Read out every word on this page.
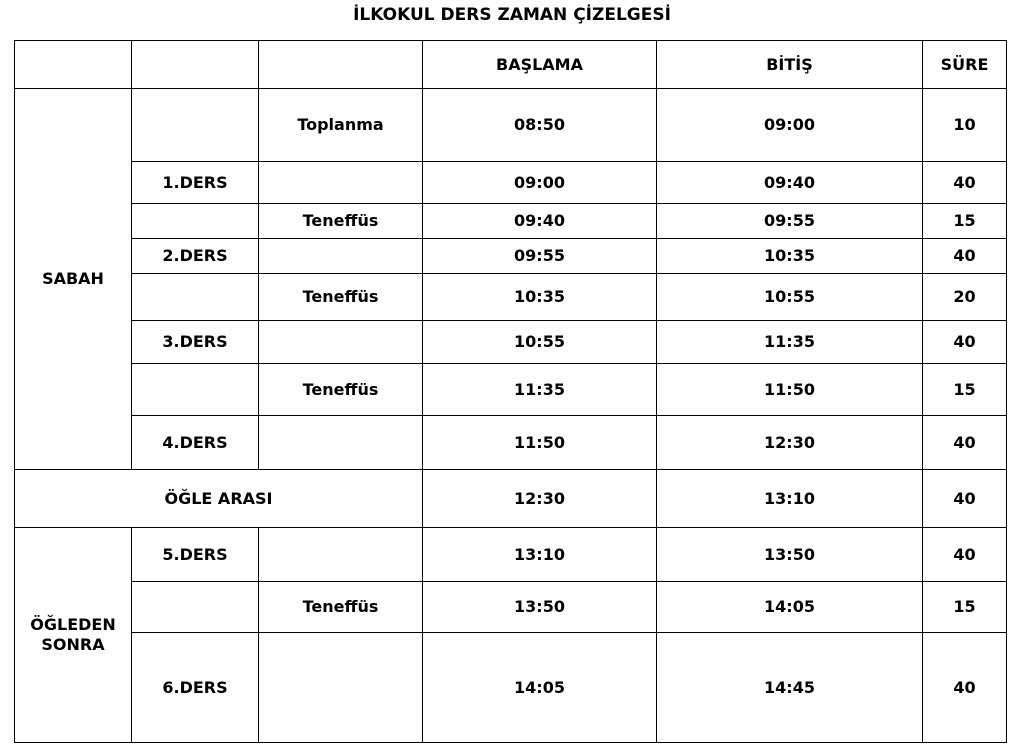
İLKOKUL DERS ZAMAN ÇİZELGESİ
			BAŞLAMA	BİTİŞ	SÜRE
SABAH		Toplanma	08:50	09:00	10
	1.DERS		09:00	09:40	40
		Teneffüs	09:40	09:55	15
	2.DERS		09:55	10:35	40
		Teneffüs	10:35	10:55	20
	3.DERS		10:55	11:35	40
		Teneffüs	11:35	11:50	15
	4.DERS		11:50	12:30	40
ÖĞLE ARASI			12:30	13:10	40
ÖĞLEDEN SONRA	5.DERS		13:10	13:50	40
		Teneffüs	13:50	14:05	15
	6.DERS		14:05	14:45	40
